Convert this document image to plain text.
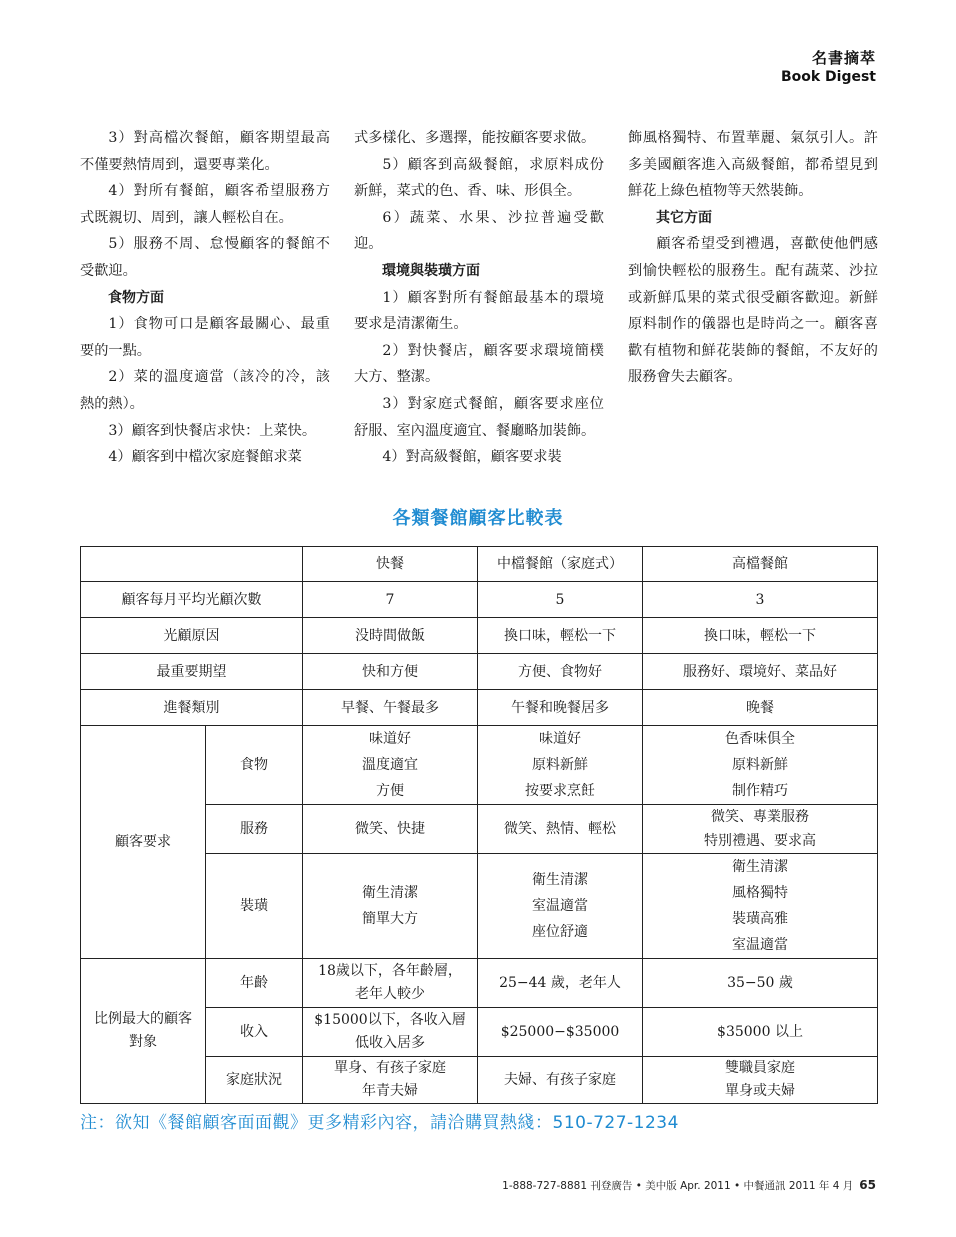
名書摘萃
Book Digest

3）對高檔次餐館，顧客期望最高不僅要熱情周到，還要專業化。

4）對所有餐館，顧客希望服務方式既親切、周到，讓人輕松自在。

5）服務不周、怠慢顧客的餐館不受歡迎。

食物方面

1）食物可口是顧客最關心、最重要的一點。

2）菜的溫度適當（該冷的冷，該熱的熱）。

3）顧客到快餐店求快：上菜快。

4）顧客到中檔次家庭餐館求菜

式多樣化、多選擇，能按顧客要求做。

5）顧客到高級餐館，求原料成份新鮮，菜式的色、香、味、形俱全。

6）蔬菜、水果、沙拉普遍受歡迎。

環境與裝璜方面

1）顧客對所有餐館最基本的環境要求是清潔衛生。

2）對快餐店，顧客要求環境簡樸大方、整潔。

3）對家庭式餐館，顧客要求座位舒服、室內溫度適宜、餐廳略加裝飾。

4）對高級餐館，顧客要求裝

飾風格獨特、布置華麗、氣氛引人。許多美國顧客進入高級餐館，都希望見到鮮花上綠色植物等天然裝飾。

其它方面

顧客希望受到禮遇，喜歡使他們感到愉快輕松的服務生。配有蔬菜、沙拉或新鮮瓜果的菜式很受顧客歡迎。新鮮原料制作的儀器也是時尚之一。顧客喜歡有植物和鮮花裝飾的餐館，不友好的服務會失去顧客。

各類餐館顧客比較表
		快餐	中檔餐館（家庭式）	高檔餐館
顧客每月平均光顧次數		7	5	3
光顧原因		没時間做飯	換口味，輕松一下	換口味，輕松一下
最重要期望		快和方便	方便、食物好	服務好、環境好、菜品好
進餐類別		早餐、午餐最多	午餐和晚餐居多	晚餐
顧客要求	食物	味道好
溫度適宜
方便	味道好
原料新鮮
按要求烹飪	色香味俱全
原料新鮮
制作精巧

	服務	微笑、快捷	微笑、熱情、輕松	微笑、專業服務
特別禮遇、要求高

	裝璜	衛生清潔
簡單大方	衛生清潔
室温適當
座位舒適	衛生清潔
風格獨特
裝璜高雅
室温適當

比例最大的顧客
對象	年齡	18歲以下，各年齡層，
老年人較少	25−44 歲，老年人	35−50 歲

	收入	$15000以下，各收入層
低收入居多	$25000−$35000	$35000 以上

	家庭狀況	單身、有孩子家庭
年青夫婦	夫婦、有孩子家庭	雙職員家庭
單身或夫婦
注：欲知《餐館顧客面面觀》更多精彩內容，請洽購買熱綫：510-727-1234
1-888-727-8881 刊登廣告 • 美中版 Apr. 2011 • 中餐通訊 2011 年 4 月 65
